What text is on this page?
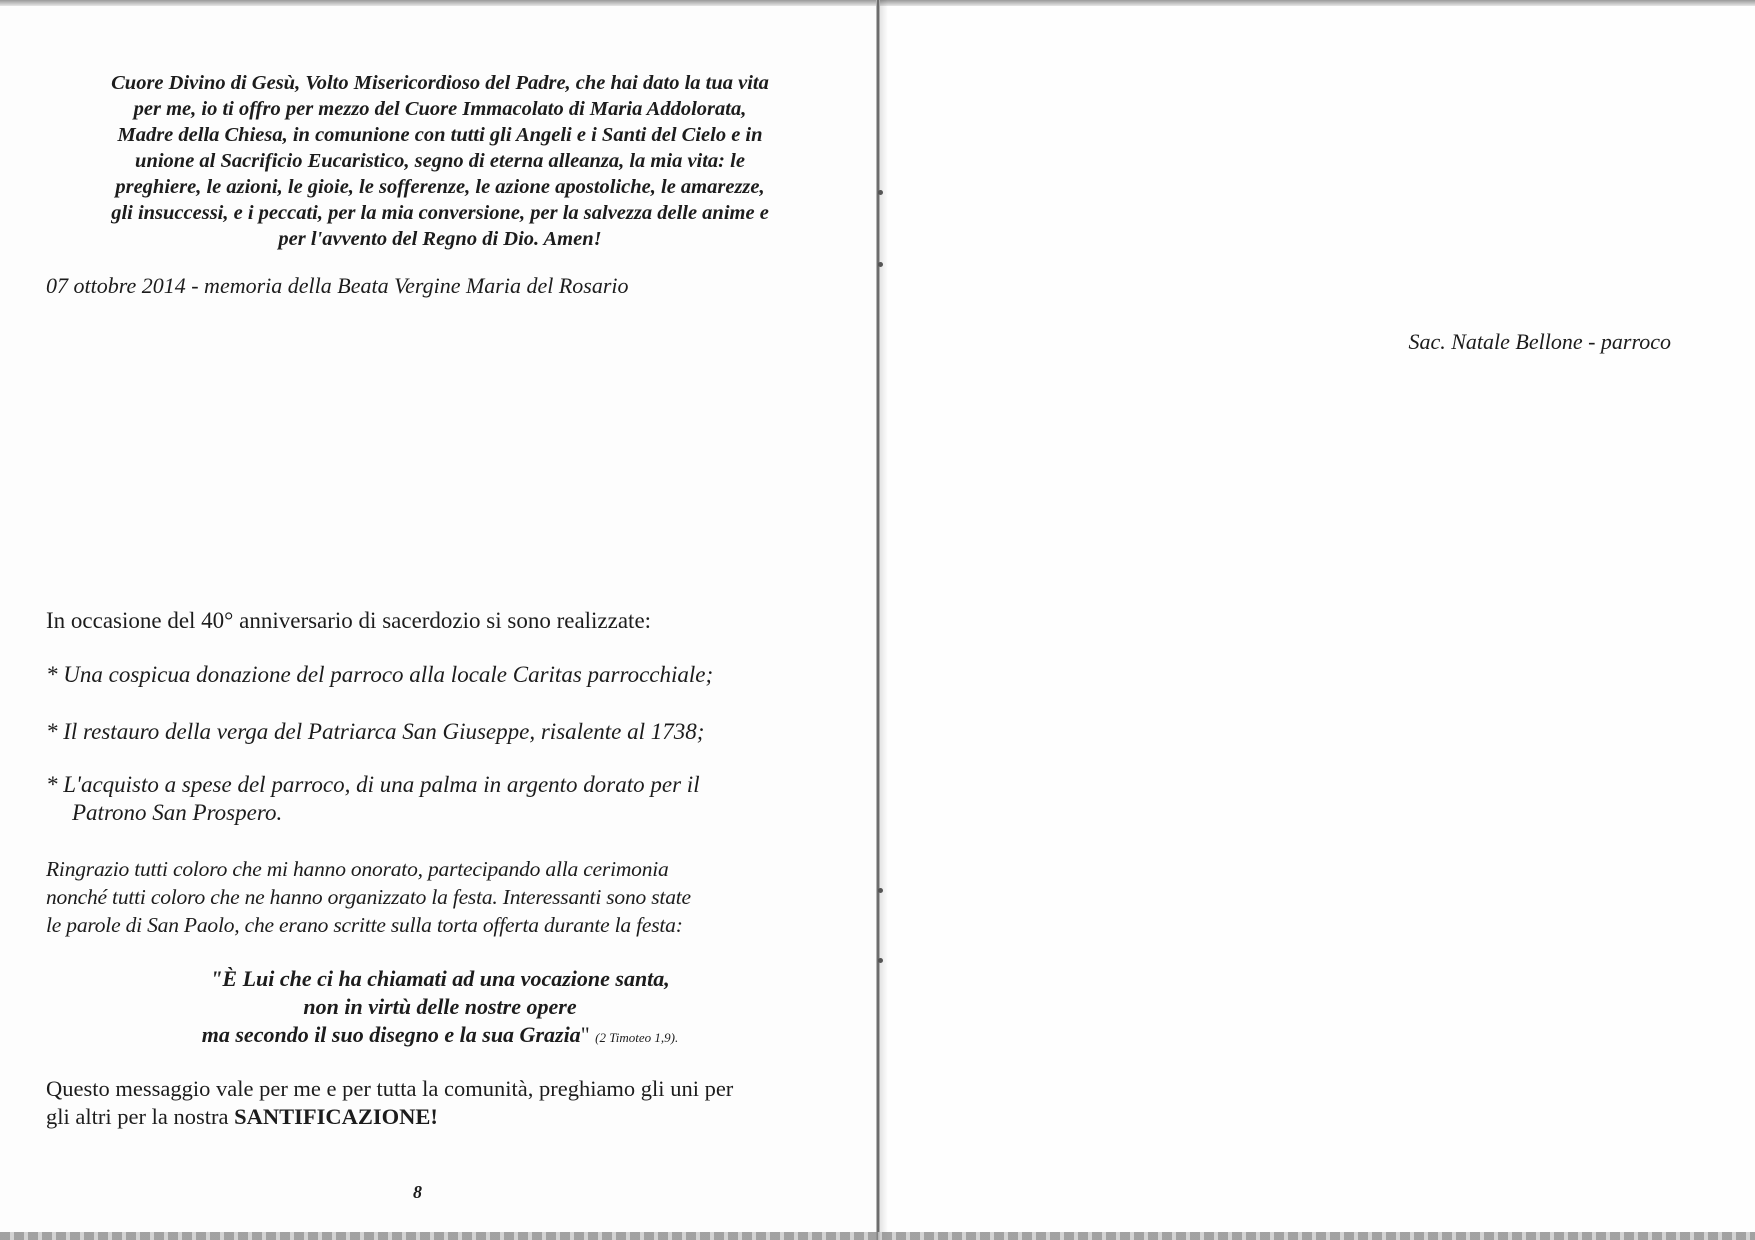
Cuore Divino di Gesù, Volto Misericordioso del Padre, che hai dato la tua vita
per me, io ti offro per mezzo del Cuore Immacolato di Maria Addolorata,
Madre della Chiesa, in comunione con tutti gli Angeli e i Santi del Cielo e in
unione al Sacrificio Eucaristico, segno di eterna alleanza, la mia vita: le
preghiere, le azioni, le gioie, le sofferenze, le azione apostoliche, le amarezze,
gli insuccessi, e i peccati, per la mia conversione, per la salvezza delle anime e
per l'avvento del Regno di Dio. Amen!

07 ottobre 2014 - memoria della Beata Vergine Maria del Rosario

Sac. Natale Bellone - parroco

In occasione del 40° anniversario di sacerdozio si sono realizzate:

* Una cospicua donazione del parroco alla locale Caritas parrocchiale;

* Il restauro della verga del Patriarca San Giuseppe, risalente al 1738;

* L'acquisto a spese del parroco, di una palma in argento dorato per il
Patrono San Prospero.

Ringrazio tutti coloro che mi hanno onorato, partecipando alla cerimonia
nonché tutti coloro che ne hanno organizzato la festa. Interessanti sono state
le parole di San Paolo, che erano scritte sulla torta offerta durante la festa:

"È Lui che ci ha chiamati ad una vocazione santa,
non in virtù delle nostre opere
ma secondo il suo disegno e la sua Grazia" (2 Timoteo 1,9).

Questo messaggio vale per me e per tutta la comunità, preghiamo gli uni per
gli altri per la nostra SANTIFICAZIONE!

8
